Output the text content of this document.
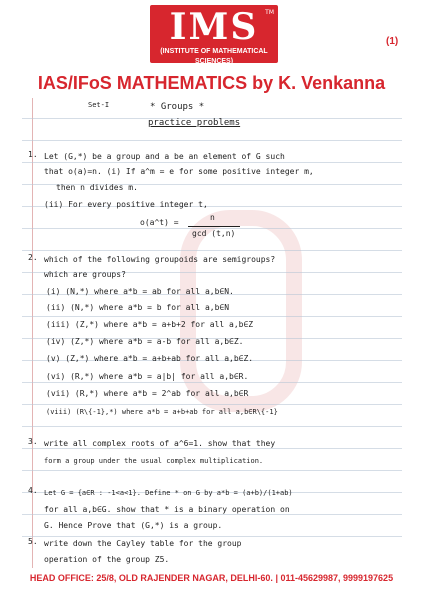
IMS	TM
(INSTITUTE OF MATHEMATICAL SCIENCES)
(1)
IAS/IFoS MATHEMATICS by K. Venkanna
Set-I	* Groups *
practice problems
1. Let (G,*) be a group and a be an element of G such
that o(a)=n. (i) If a^m = e for some positive integer m,
then n divides m.
(ii) For every positive integer t,
o(a^t) =
n
gcd (t,n)
2. which of the following groupoids are semigroups?
which are groups?
(i) (N,*) where a*b = ab for all a,b∈N.
(ii) (N,*) where a*b = b for all a,b∈N
(iii) (Z,*) where a*b = a+b+2 for all a,b∈Z
(iv) (Z,*) where a*b = a-b for all a,b∈Z.
(v) (Z,*) where a*b = a+b+ab for all a,b∈Z.
(vi) (R,*) where a*b = a|b| for all a,b∈R.
(vii) (R,*) where a*b = 2^ab for all a,b∈R
(viii) (R\{-1},*) where a*b = a+b+ab for all a,b∈R\{-1}
3. write all complex roots of a^6=1. show that they
form a group under the usual complex multiplication.
4. Let G = {a∈R : -1<a<1}. Define * on G by a*b = (a+b)/(1+ab)
for all a,b∈G. show that * is a binary operation on
G. Hence Prove that (G,*) is a group.
5. write down the Cayley table for the group
operation of the group Z5.
HEAD OFFICE: 25/8, OLD RAJENDER NAGAR, DELHI-60. | 011-45629987, 9999197625
